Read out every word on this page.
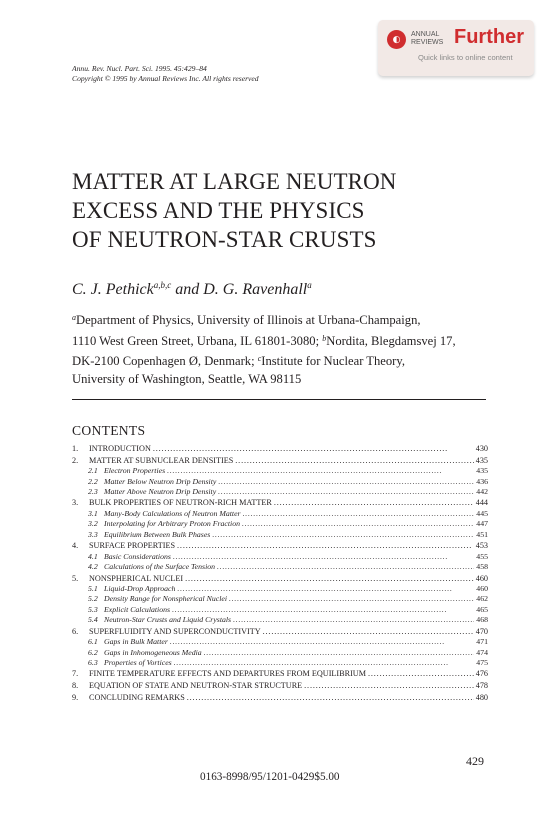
◐	ANNUAL
REVIEWS Further
Quick links to online content
Annu. Rev. Nucl. Part. Sci. 1995. 45:429–84
Copyright © 1995 by Annual Reviews Inc. All rights reserved
MATTER AT LARGE NEUTRON
EXCESS AND THE PHYSICS
OF NEUTRON-STAR CRUSTS
C. J. Pethick$^{a,b,c}$ and D. G. Ravenhall$^a$
$^a$Department of Physics, University of Illinois at Urbana-Champaign,
1110 West Green Street, Urbana, IL 61801-3080; $^b$Nordita, Blegdamsvej 17,
DK-2100 Copenhagen Ø, Denmark; $^c$Institute for Nuclear Theory,
University of Washington, Seattle, WA 98115
CONTENTS
1.	INTRODUCTION . . .	430
2.	MATTER AT SUBNUCLEAR DENSITIES . . .	435
2.1 Electron Properties . . .	435
2.2 Matter Below Neutron Drip Density . . .	436
2.3 Matter Above Neutron Drip Density . . .	442
3.	BULK PROPERTIES OF NEUTRON-RICH MATTER . . .	444
3.1 Many-Body Calculations of Neutron Matter . . .	445
3.2 Interpolating for Arbitrary Proton Fraction . . .	447
3.3 Equilibrium Between Bulk Phases . . .	451
4.	SURFACE PROPERTIES . . .	453
4.1 Basic Considerations . . .	455
4.2 Calculations of the Surface Tension . . .	458
5.	NONSPHERICAL NUCLEI . . .	460
5.1 Liquid-Drop Approach . . .	460
5.2 Density Range for Nonspherical Nuclei . . .	462
5.3 Explicit Calculations . . .	465
5.4 Neutron-Star Crusts and Liquid Crystals . . .	468
6.	SUPERFLUIDITY AND SUPERCONDUCTIVITY . . .	470
6.1 Gaps in Bulk Matter . . .	471
6.2 Gaps in Inhomogeneous Media . . .	474
6.3 Properties of Vortices . . .	475
7.	FINITE TEMPERATURE EFFECTS AND DEPARTURES FROM EQUILIBRIUM . . .	476
8.	EQUATION OF STATE AND NEUTRON-STAR STRUCTURE . . .	478
9.	CONCLUDING REMARKS . . .	480
429
0163-8998/95/1201-0429$5.00
